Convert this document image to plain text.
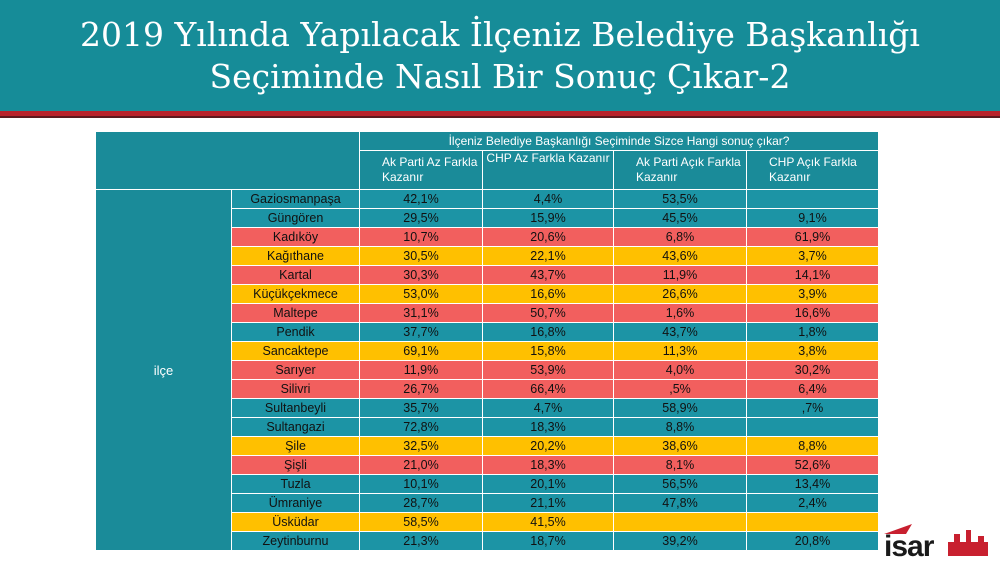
2019 Yılında Yapılacak İlçeniz Belediye Başkanlığı
Seçiminde Nasıl Bir Sonuç Çıkar-2
		İlçeniz Belediye Başkanlığı Seçiminde Sizce Hangi sonuç çıkar?			
		Ak Parti Az Farkla Kazanır	CHP Az Farkla Kazanır	Ak Parti Açık Farkla Kazanır	CHP Açık Farkla Kazanır
ilçe	Gaziosmanpaşa	42,1%	4,4%	53,5%	
	Güngören	29,5%	15,9%	45,5%	9,1%
	Kadıköy	10,7%	20,6%	6,8%	61,9%
	Kağıthane	30,5%	22,1%	43,6%	3,7%
	Kartal	30,3%	43,7%	11,9%	14,1%
	Küçükçekmece	53,0%	16,6%	26,6%	3,9%
	Maltepe	31,1%	50,7%	1,6%	16,6%
	Pendik	37,7%	16,8%	43,7%	1,8%
	Sancaktepe	69,1%	15,8%	11,3%	3,8%
	Sarıyer	11,9%	53,9%	4,0%	30,2%
	Silivri	26,7%	66,4%	,5%	6,4%
	Sultanbeyli	35,7%	4,7%	58,9%	,7%
	Sultangazi	72,8%	18,3%	8,8%	
	Şile	32,5%	20,2%	38,6%	8,8%
	Şişli	21,0%	18,3%	8,1%	52,6%
	Tuzla	10,1%	20,1%	56,5%	13,4%
	Ümraniye	28,7%	21,1%	47,8%	2,4%
	Üsküdar	58,5%	41,5%		
	Zeytinburnu	21,3%	18,7%	39,2%	20,8% isar
